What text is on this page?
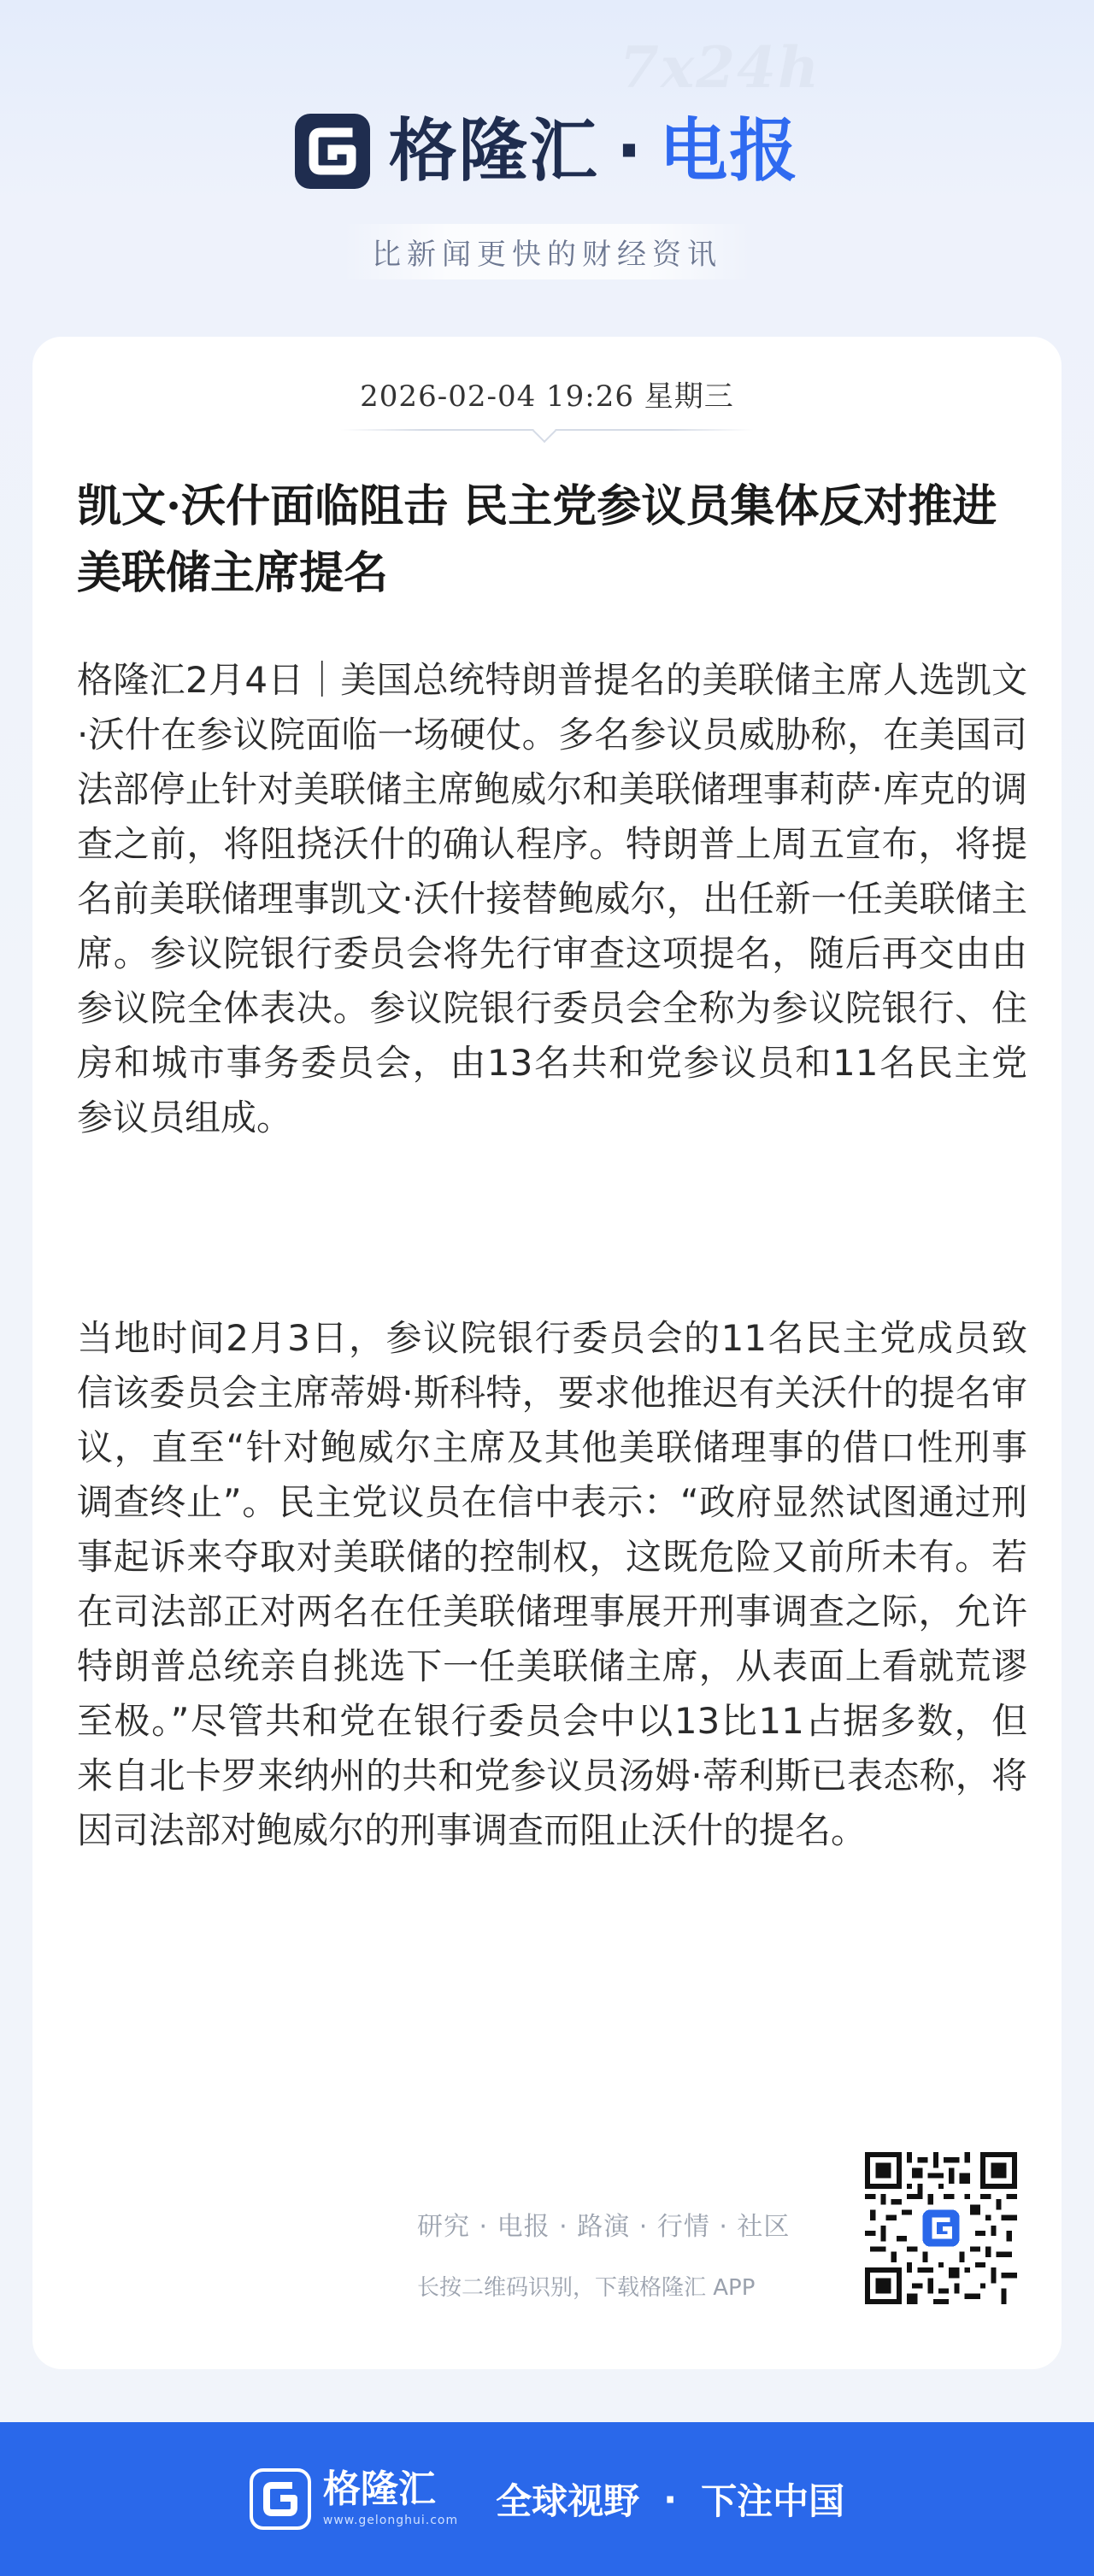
7x24h
格隆汇 · 电报
比新闻更快的财经资讯
2026-02-04 19:26 星期三
凯文·沃什面临阻击 民主党参议员集体反对推进美联储主席提名

格隆汇2月4日｜美国总统特朗普提名的美联储主席人选凯文·沃什在参议院面临一场硬仗。多名参议员威胁称，在美国司法部停止针对美联储主席鲍威尔和美联储理事莉萨·库克的调查之前，将阻挠沃什的确认程序。特朗普上周五宣布，将提名前美联储理事凯文·沃什接替鲍威尔，出任新一任美联储主席。参议院银行委员会将先行审查这项提名，随后再交由由参议院全体表决。参议院银行委员会全称为参议院银行、住房和城市事务委员会，由13名共和党参议员和11名民主党参议员组成。

当地时间2月3日，参议院银行委员会的11名民主党成员致信该委员会主席蒂姆·斯科特，要求他推迟有关沃什的提名审议，直至“针对鲍威尔主席及其他美联储理事的借口性刑事调查终止”。民主党议员在信中表示：“政府显然试图通过刑事起诉来夺取对美联储的控制权，这既危险又前所未有。若在司法部正对两名在任美联储理事展开刑事调查之际，允许特朗普总统亲自挑选下一任美联储主席，从表面上看就荒谬至极。”尽管共和党在银行委员会中以13比11占据多数，但来自北卡罗来纳州的共和党参议员汤姆·蒂利斯已表态称，将因司法部对鲍威尔的刑事调查而阻止沃什的提名。

研究 · 电报 · 路演 · 行情 · 社区
长按二维码识别，下载格隆汇 APP
格隆汇
www.gelonghui.com 全球视野 · 下注中国
